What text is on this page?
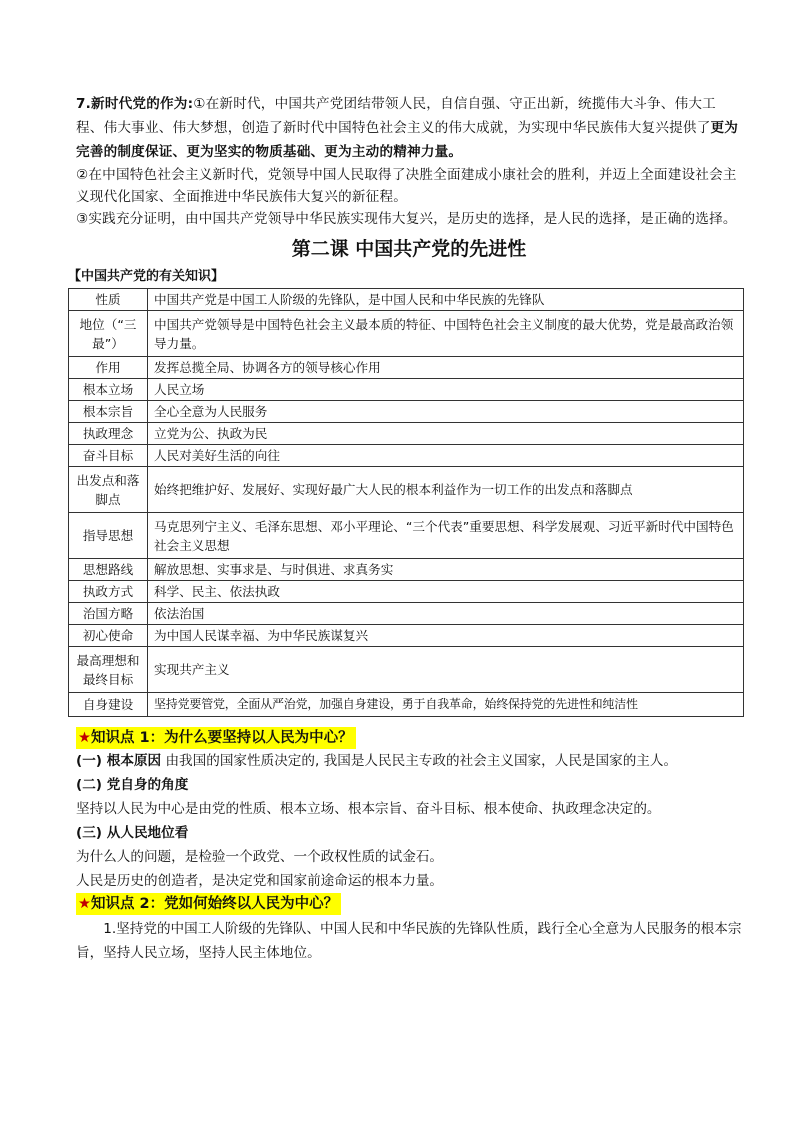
7.新时代党的作为:①在新时代，中国共产党团结带领人民，自信自强、守正出新，统揽伟大斗争、伟大工程、伟大事业、伟大梦想，创造了新时代中国特色社会主义的伟大成就，为实现中华民族伟大复兴提供了更为完善的制度保证、更为坚实的物质基础、更为主动的精神力量。

②在中国特色社会主义新时代，党领导中国人民取得了决胜全面建成小康社会的胜利，并迈上全面建设社会主义现代化国家、全面推进中华民族伟大复兴的新征程。

③实践充分证明，由中国共产党领导中华民族实现伟大复兴，是历史的选择，是人民的选择，是正确的选择。

第二课 中国共产党的先进性
【中国共产党的有关知识】
性质	中国共产党是中国工人阶级的先锋队，是中国人民和中华民族的先锋队
地位（“三最”）	中国共产党领导是中国特色社会主义最本质的特征、中国特色社会主义制度的最大优势，党是最高政治领导力量。
作用	发挥总揽全局、协调各方的领导核心作用
根本立场	人民立场
根本宗旨	全心全意为人民服务
执政理念	立党为公、执政为民
奋斗目标	人民对美好生活的向往
出发点和落脚点	始终把维护好、发展好、实现好最广大人民的根本利益作为一切工作的出发点和落脚点
指导思想	马克思列宁主义、毛泽东思想、邓小平理论、“三个代表”重要思想、科学发展观、习近平新时代中国特色社会主义思想
思想路线	解放思想、实事求是、与时俱进、求真务实
执政方式	科学、民主、依法执政
治国方略	依法治国
初心使命	为中国人民谋幸福、为中华民族谋复兴
最高理想和最终目标	实现共产主义
自身建设	坚持党要管党，全面从严治党，加强自身建设，勇于自我革命，始终保持党的先进性和纯洁性
★知识点 1：为什么要坚持以人民为中心？

(一) 根本原因 由我国的国家性质决定的, 我国是人民民主专政的社会主义国家，人民是国家的主人。

(二) 党自身的角度

坚持以人民为中心是由党的性质、根本立场、根本宗旨、奋斗目标、根本使命、执政理念决定的。

(三) 从人民地位看

为什么人的问题，是检验一个政党、一个政权性质的试金石。

人民是历史的创造者，是决定党和国家前途命运的根本力量。

★知识点 2：党如何始终以人民为中心？

1.坚持党的中国工人阶级的先锋队、中国人民和中华民族的先锋队性质，践行全心全意为人民服务的根本宗旨，坚持人民立场，坚持人民主体地位。
